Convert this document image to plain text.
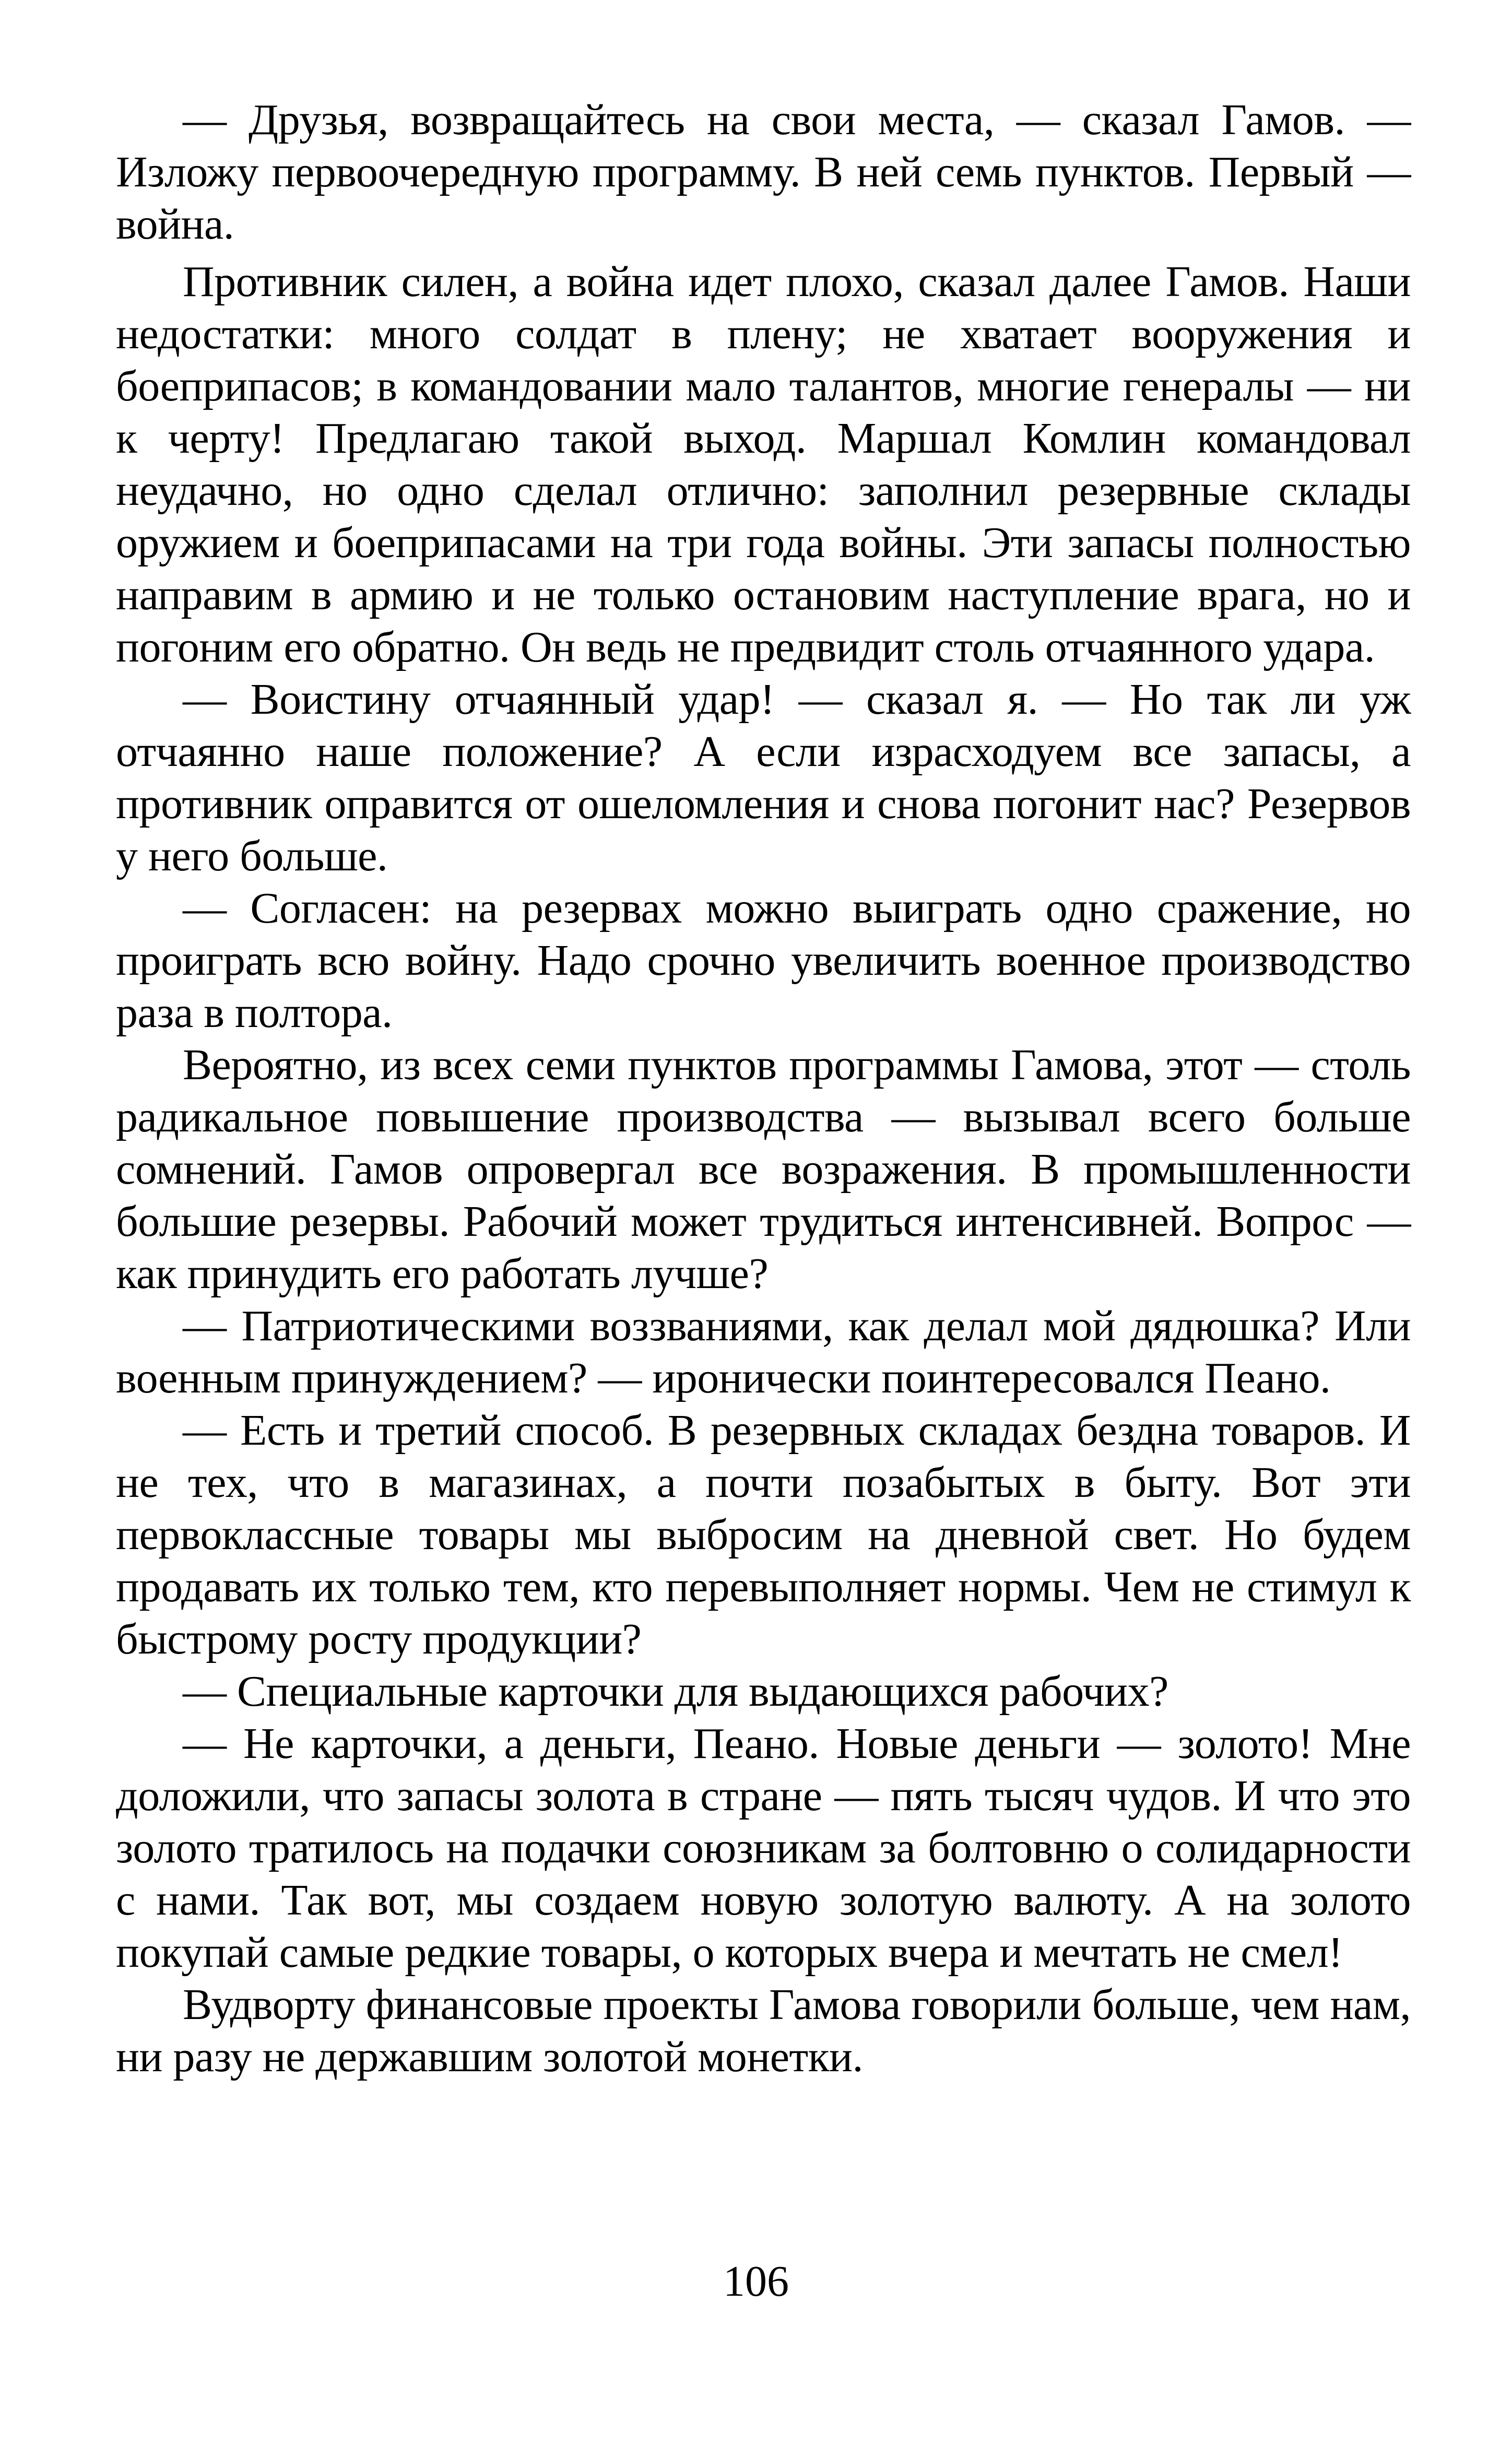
— Друзья, возвращайтесь на свои места, — сказал Гамов. — Изложу первоочередную программу. В ней семь пунктов. Первый — война.

Противник силен, а война идет плохо, сказал далее Гамов. Наши недостатки: много солдат в плену; не хватает вооружения и боеприпасов; в командовании мало талантов, многие генералы — ни к черту! Предлагаю такой выход. Маршал Комлин командовал неудачно, но одно сделал отлично: заполнил резервные склады оружием и боеприпасами на три года войны. Эти запасы полностью направим в армию и не только остановим наступление врага, но и погоним его обратно. Он ведь не предвидит столь отчаянного удара.

— Воистину отчаянный удар! — сказал я. — Но так ли уж отчаянно наше положение? А если израсходуем все запасы, а противник оправится от ошеломления и снова погонит нас? Резервов у него больше.

— Согласен: на резервах можно выиграть одно сражение, но проиграть всю войну. Надо срочно увеличить военное производство раза в полтора.

Вероятно, из всех семи пунктов программы Гамова, этот — столь радикальное повышение производства — вызывал всего больше сомнений. Гамов опровергал все возражения. В промышленности большие резервы. Рабочий может трудиться интенсивней. Вопрос — как принудить его работать лучше?

— Патриотическими воззваниями, как делал мой дядюшка? Или военным принуждением? — иронически поинтересовался Пеано.

— Есть и третий способ. В резервных складах бездна товаров. И не тех, что в магазинах, а почти позабытых в быту. Вот эти первоклассные товары мы выбросим на дневной свет. Но будем продавать их только тем, кто перевыполняет нормы. Чем не стимул к быстрому росту продукции?

— Специальные карточки для выдающихся рабочих?

— Не карточки, а деньги, Пеано. Новые деньги — золото! Мне доложили, что запасы золота в стране — пять тысяч чудов. И что это золото тратилось на подачки союзникам за болтовню о солидарности с нами. Так вот, мы создаем новую золотую валюту. А на золото покупай самые редкие товары, о которых вчера и мечтать не смел!

Вудворту финансовые проекты Гамова говорили больше, чем нам, ни разу не державшим золотой монетки.

106
